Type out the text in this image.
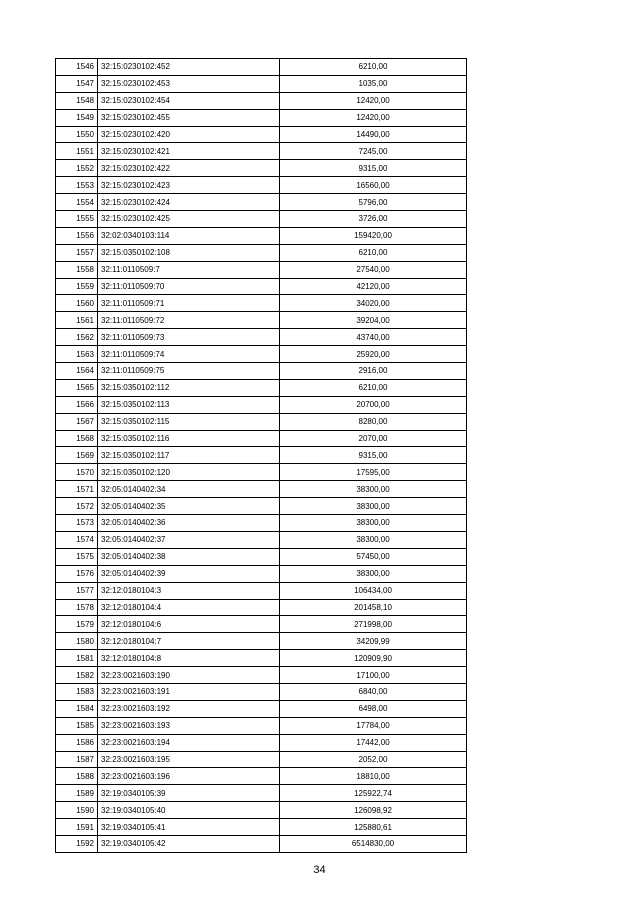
1546	32:15:0230102:452	6210,00
1547	32:15:0230102:453	1035,00
1548	32:15:0230102:454	12420,00
1549	32:15:0230102:455	12420,00
1550	32:15:0230102:420	14490,00
1551	32:15:0230102:421	7245,00
1552	32:15:0230102:422	9315,00
1553	32:15:0230102:423	16560,00
1554	32:15:0230102:424	5796,00
1555	32:15:0230102:425	3726,00
1556	32:02:0340103:114	159420,00
1557	32:15:0350102:108	6210,00
1558	32:11:0110509:7	27540,00
1559	32:11:0110509:70	42120,00
1560	32:11:0110509:71	34020,00
1561	32:11:0110509:72	39204,00
1562	32:11:0110509:73	43740,00
1563	32:11:0110509:74	25920,00
1564	32:11:0110509:75	2916,00
1565	32:15:0350102:112	6210,00
1566	32:15:0350102:113	20700,00
1567	32:15:0350102:115	8280,00
1568	32:15:0350102:116	2070,00
1569	32:15:0350102:117	9315,00
1570	32:15:0350102:120	17595,00
1571	32:05:0140402:34	38300,00
1572	32:05:0140402:35	38300,00
1573	32:05:0140402:36	38300,00
1574	32:05:0140402:37	38300,00
1575	32:05:0140402:38	57450,00
1576	32:05:0140402:39	38300,00
1577	32:12:0180104:3	106434,00
1578	32:12:0180104:4	201458,10
1579	32:12:0180104:6	271998,00
1580	32:12:0180104:7	34209,99
1581	32:12:0180104:8	120909,90
1582	32:23:0021603:190	17100,00
1583	32:23:0021603:191	6840,00
1584	32:23:0021603:192	6498,00
1585	32:23:0021603:193	17784,00
1586	32:23:0021603:194	17442,00
1587	32:23:0021603:195	2052,00
1588	32:23:0021603:196	18810,00
1589	32:19:0340105:39	125922,74
1590	32:19:0340105:40	126098,92
1591	32:19:0340105:41	125880,61
1592	32:19:0340105:42	6514830,00
34
